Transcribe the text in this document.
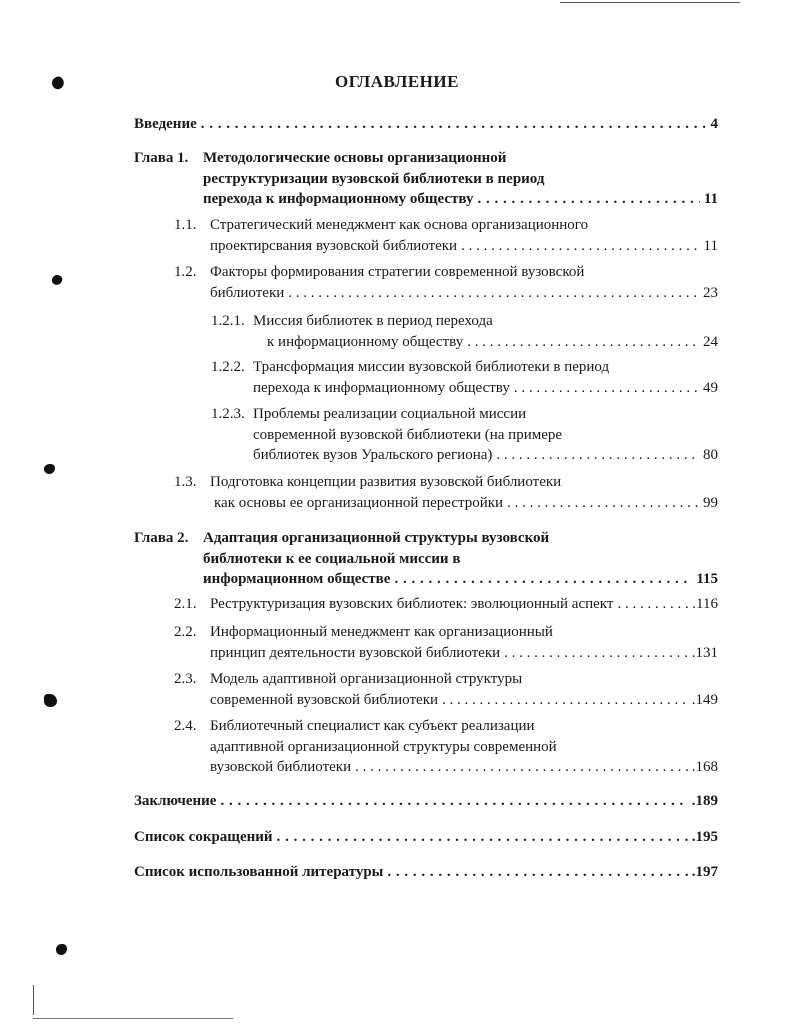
ОГЛАВЛЕНИЕ
Введение . . .	4
Глава 1. Методологические основы организационной
реструктуризации вузовской библиотеки в период
перехода к информационному обществу . . .	11
1.1. Стратегический менеджмент как основа организационного
проектирсвания вузовской библиотеки . . .	11
1.2. Факторы формирования стратегии современной вузовской
библиотеки . . .	23
1.2.1. Миссия библиотек в период перехода
к информационному обществу . . .	24
1.2.2. Трансформация миссии вузовской библиотеки в период
перехода к информационному обществу . . .	49
1.2.3. Проблемы реализации социальной миссии
современной вузовской библиотеки (на примере
библиотек вузов Уральского региона) . . .	80
1.3. Подготовка концепции развития вузовской библиотеки
как основы ее организационной перестройки . . .	99
Глава 2. Адаптация организационной структуры вузовской
библиотеки к ее социальной миссии в
информационном обществе . . .	115
2.1. Реструктуризация вузовских библиотек: эволюционный аспект . . .	.116
2.2. Информационный менеджмент как организационный
принцип деятельности вузовской библиотеки . . .	.131
2.3. Модель адаптивной организационной структуры
современной вузовской библиотеки . . .	.149
2.4. Библиотечный специалист как субъект реализации
адаптивной организационной структуры современной
вузовской библиотеки . . .	.168
Заключение . . .	.189
Список сокращений . . .	.195
Список использованной литературы . . .	.197
